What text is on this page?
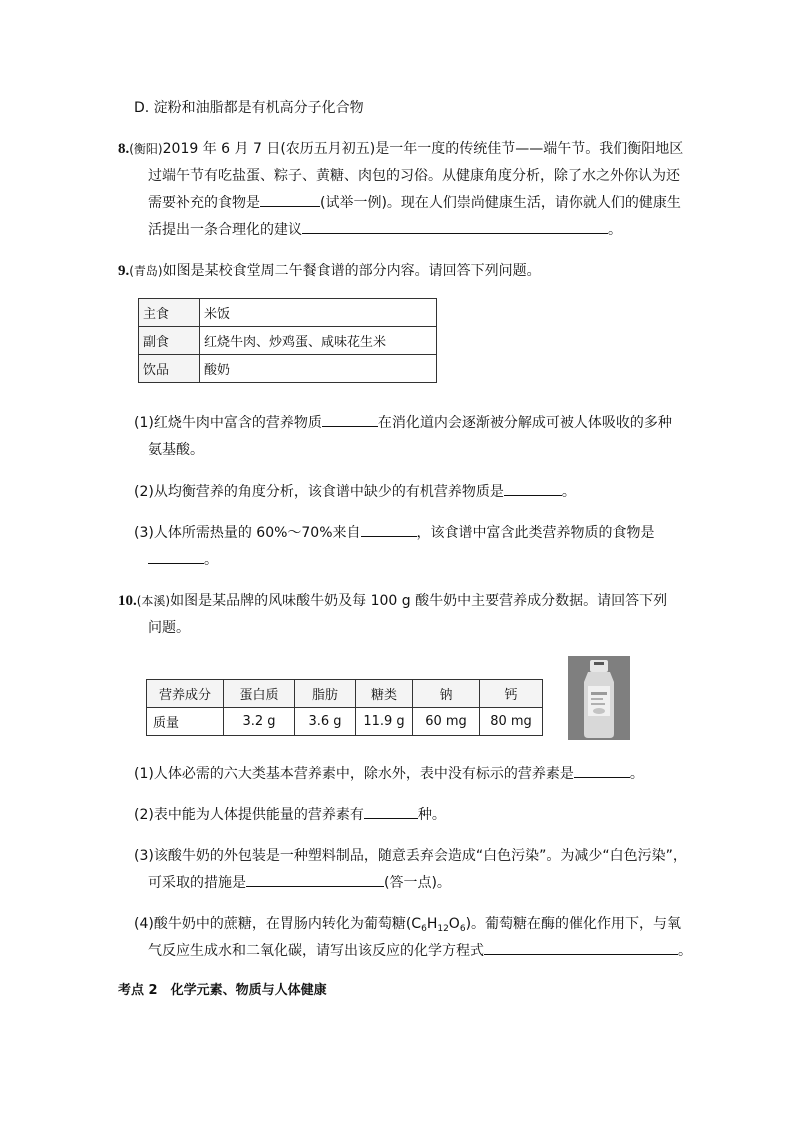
D. 淀粉和油脂都是有机高分子化合物
8.(衡阳)2019 年 6 月 7 日(农历五月初五)是一年一度的传统佳节——端午节。我们衡阳地区
过端午节有吃盐蛋、粽子、黄糖、肉包的习俗。从健康角度分析，除了水之外你认为还
需要补充的食物是	(试举一例)。现在人们崇尚健康生活，请你就人们的健康生
活提出一条合理化的建议	。
9.(青岛)如图是某校食堂周二午餐食谱的部分内容。请回答下列问题。
主食	米饭
副食	红烧牛肉、炒鸡蛋、咸味花生米
饮品	酸奶
(1)红烧牛肉中富含的营养物质	在消化道内会逐渐被分解成可被人体吸收的多种
氨基酸。
(2)从均衡营养的角度分析，该食谱中缺少的有机营养物质是	。
(3)人体所需热量的 60%～70%来自	，该食谱中富含此类营养物质的食物是
。
10.(本溪)如图是某品牌的风味酸牛奶及每 100 g 酸牛奶中主要营养成分数据。请回答下列
问题。
营养成分	蛋白质	脂肪	糖类	钠	钙
质量	3.2 g	3.6 g	11.9 g	60 mg	80 mg
(1)人体必需的六大类基本营养素中，除水外，表中没有标示的营养素是	。
(2)表中能为人体提供能量的营养素有	种。
(3)该酸牛奶的外包装是一种塑料制品，随意丢弃会造成“白色污染”。为减少“白色污染”，
可采取的措施是	(答一点)。
(4)酸牛奶中的蔗糖，在胃肠内转化为葡萄糖$(C_6H_{12}O_6)$。葡萄糖在酶的催化作用下，与氧
气反应生成水和二氧化碳，请写出该反应的化学方程式	。
考点 2　化学元素、物质与人体健康
